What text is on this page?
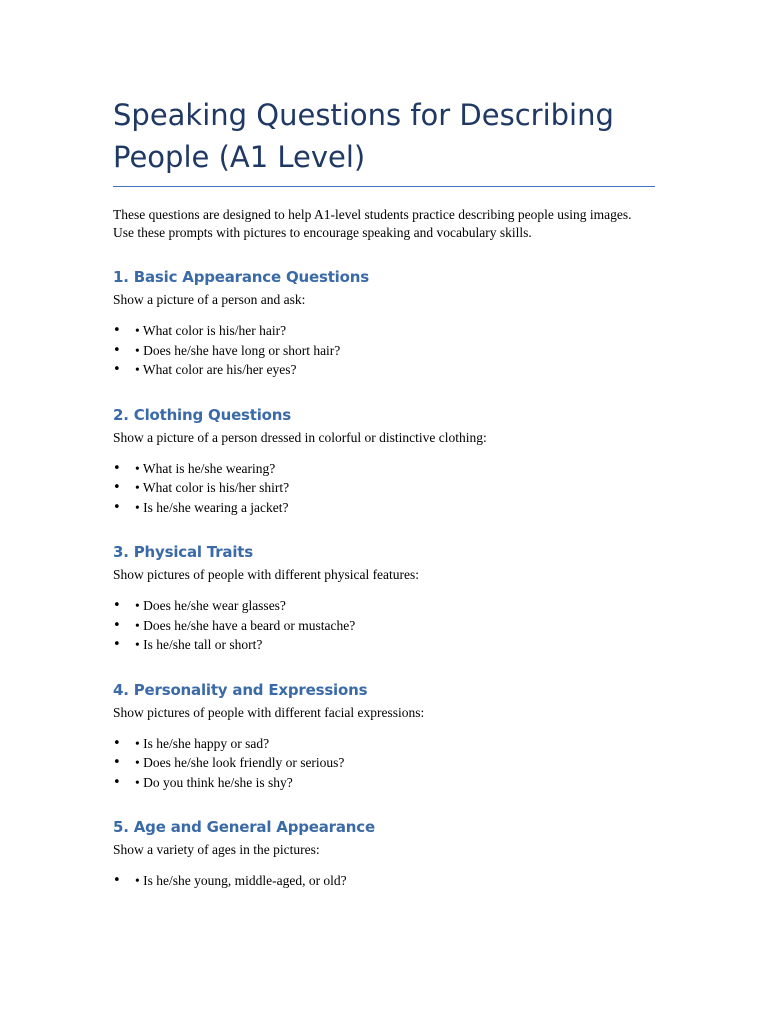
Speaking Questions for Describing People (A1 Level)

These questions are designed to help A1-level students practice describing people using images. Use these prompts with pictures to encourage speaking and vocabulary skills.

1. Basic Appearance Questions

Show a picture of a person and ask:

• • What color is his/her hair?
• • Does he/she have long or short hair?
• • What color are his/her eyes?
2. Clothing Questions

Show a picture of a person dressed in colorful or distinctive clothing:

• • What is he/she wearing?
• • What color is his/her shirt?
• • Is he/she wearing a jacket?
3. Physical Traits

Show pictures of people with different physical features:

• • Does he/she wear glasses?
• • Does he/she have a beard or mustache?
• • Is he/she tall or short?
4. Personality and Expressions

Show pictures of people with different facial expressions:

• • Is he/she happy or sad?
• • Does he/she look friendly or serious?
• • Do you think he/she is shy?
5. Age and General Appearance

Show a variety of ages in the pictures:

• • Is he/she young, middle-aged, or old?
